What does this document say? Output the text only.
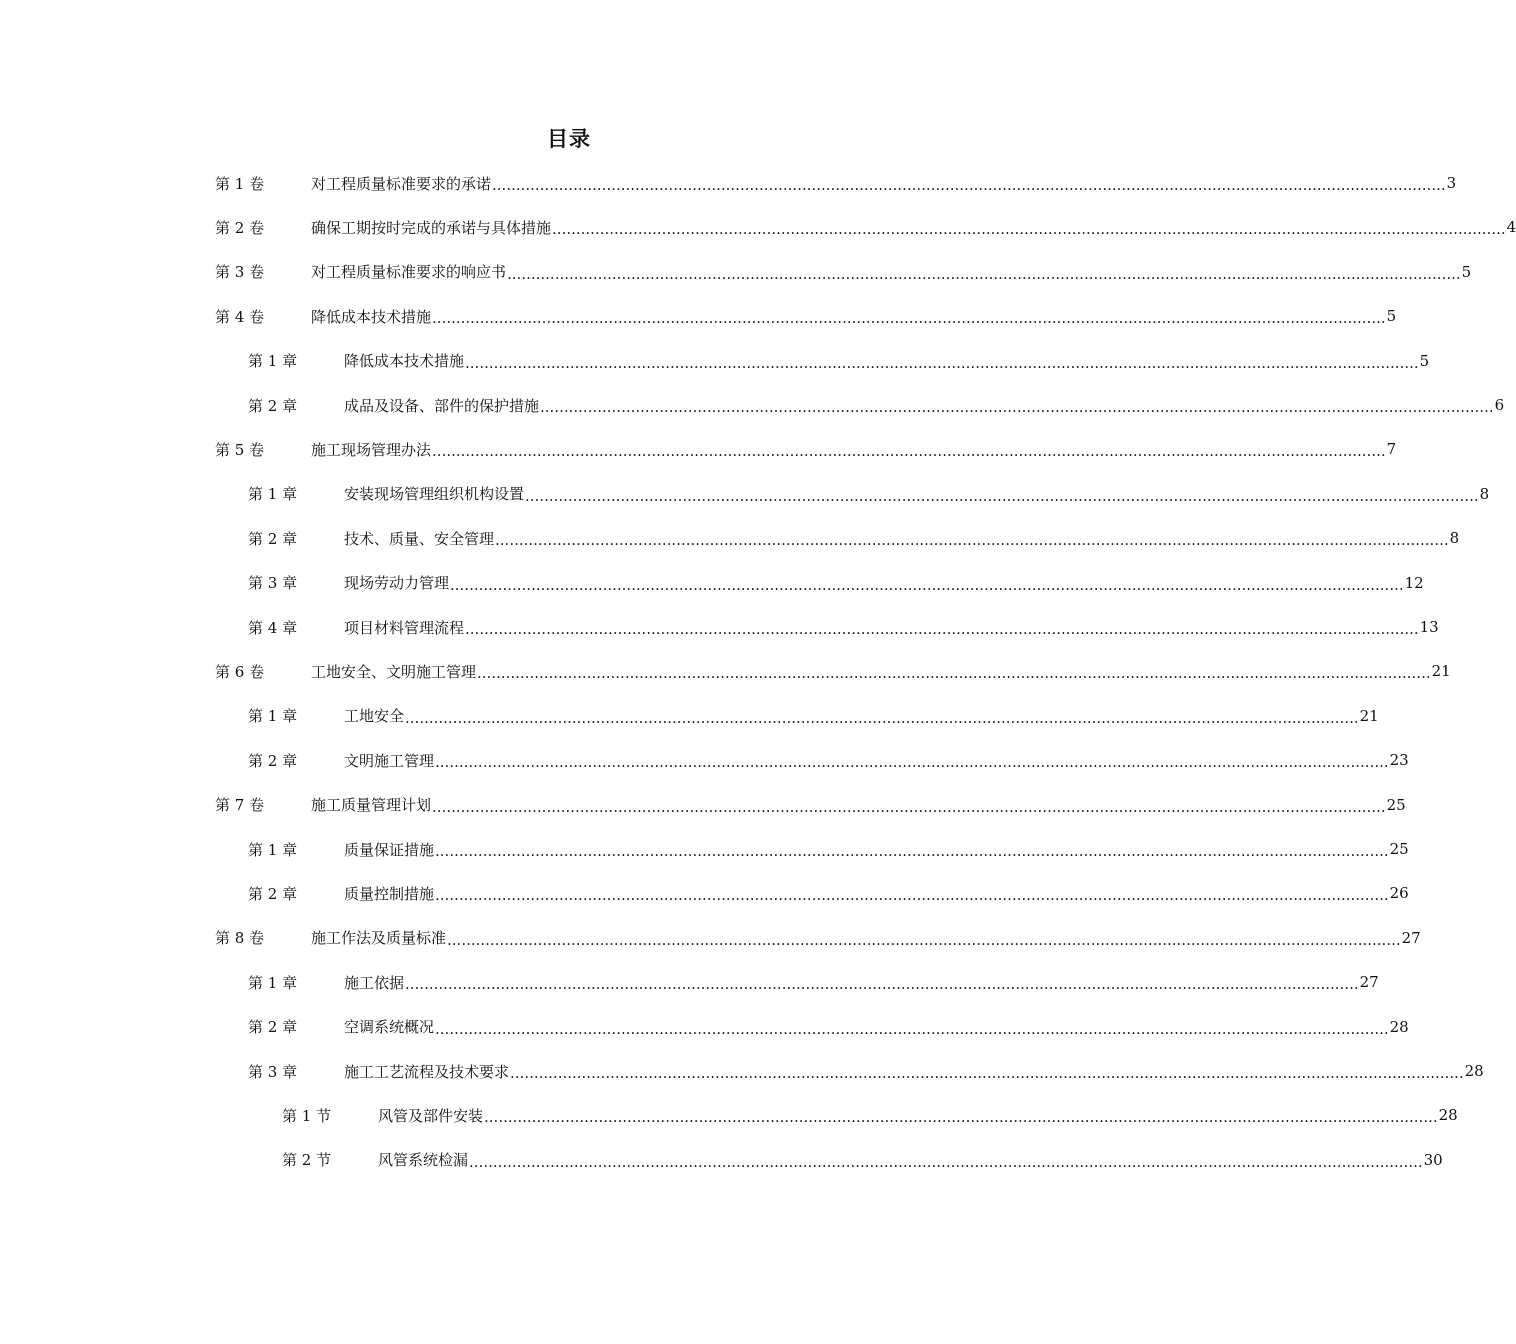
目录
第 1 卷	对工程质量标准要求的承诺 ........................................................................................................................................................................................................ 3
第 2 卷	确保工期按时完成的承诺与具体措施 ........................................................................................................................................................................................................ 4
第 3 卷	对工程质量标准要求的响应书 ........................................................................................................................................................................................................ 5
第 4 卷	降低成本技术措施 ........................................................................................................................................................................................................ 5
第 1 章	降低成本技术措施 ........................................................................................................................................................................................................ 5
第 2 章	成品及设备、部件的保护措施 ........................................................................................................................................................................................................ 6
第 5 卷	施工现场管理办法 ........................................................................................................................................................................................................ 7
第 1 章	安装现场管理组织机构设置 ........................................................................................................................................................................................................ 8
第 2 章	技术、质量、安全管理 ........................................................................................................................................................................................................ 8
第 3 章	现场劳动力管理 ........................................................................................................................................................................................................ 12
第 4 章	项目材料管理流程 ........................................................................................................................................................................................................ 13
第 6 卷	工地安全、文明施工管理 ........................................................................................................................................................................................................ 21
第 1 章	工地安全 ........................................................................................................................................................................................................ 21
第 2 章	文明施工管理 ........................................................................................................................................................................................................ 23
第 7 卷	施工质量管理计划 ........................................................................................................................................................................................................ 25
第 1 章	质量保证措施 ........................................................................................................................................................................................................ 25
第 2 章	质量控制措施 ........................................................................................................................................................................................................ 26
第 8 卷	施工作法及质量标准 ........................................................................................................................................................................................................ 27
第 1 章	施工依据 ........................................................................................................................................................................................................ 27
第 2 章	空调系统概况 ........................................................................................................................................................................................................ 28
第 3 章	施工工艺流程及技术要求 ........................................................................................................................................................................................................ 28
第 1 节	风管及部件安装 ........................................................................................................................................................................................................ 28
第 2 节	风管系统检漏 ........................................................................................................................................................................................................ 30
